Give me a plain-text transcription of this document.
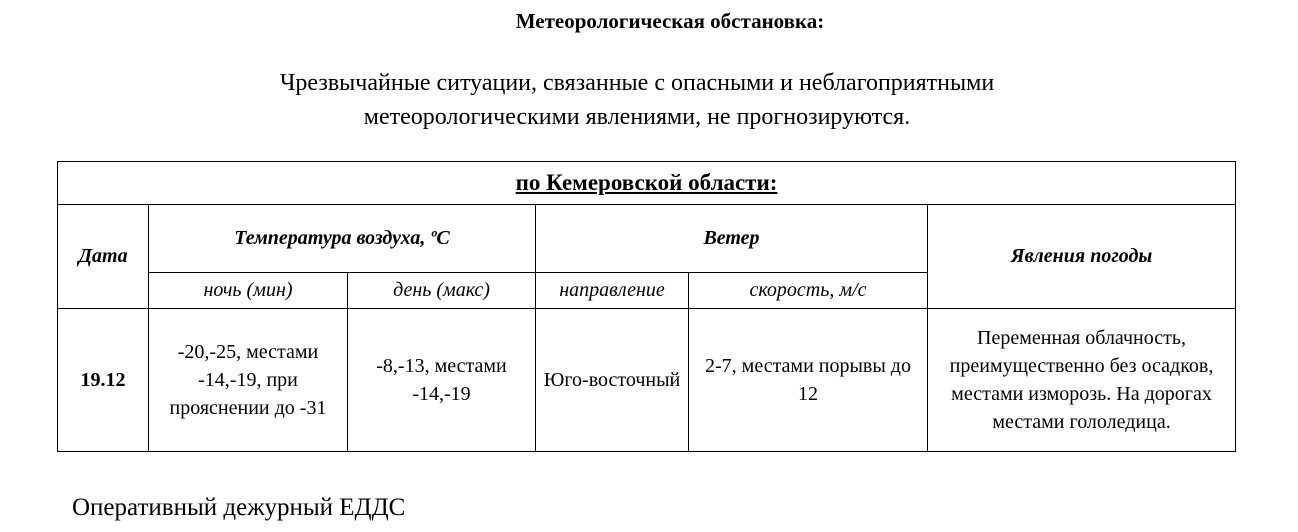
Метеорологическая обстановка:
Чрезвычайные ситуации, связанные с опасными и неблагоприятными
метеорологическими явлениями, не прогнозируются.
по Кемеровской области:					
Дата	Температура воздуха, ºС		Ветер		Явления погоды
	ночь (мин)	день (макс)	направление	скорость, м/с	
19.12	-20,-25, местами -14,-19, при прояснении до -31	-8,-13, местами -14,-19	Юго-восточный	2-7, местами порывы до 12	Переменная облачность, преимущественно без осадков, местами изморозь. На дорогах местами гололедица.
Оперативный дежурный ЕДДС
